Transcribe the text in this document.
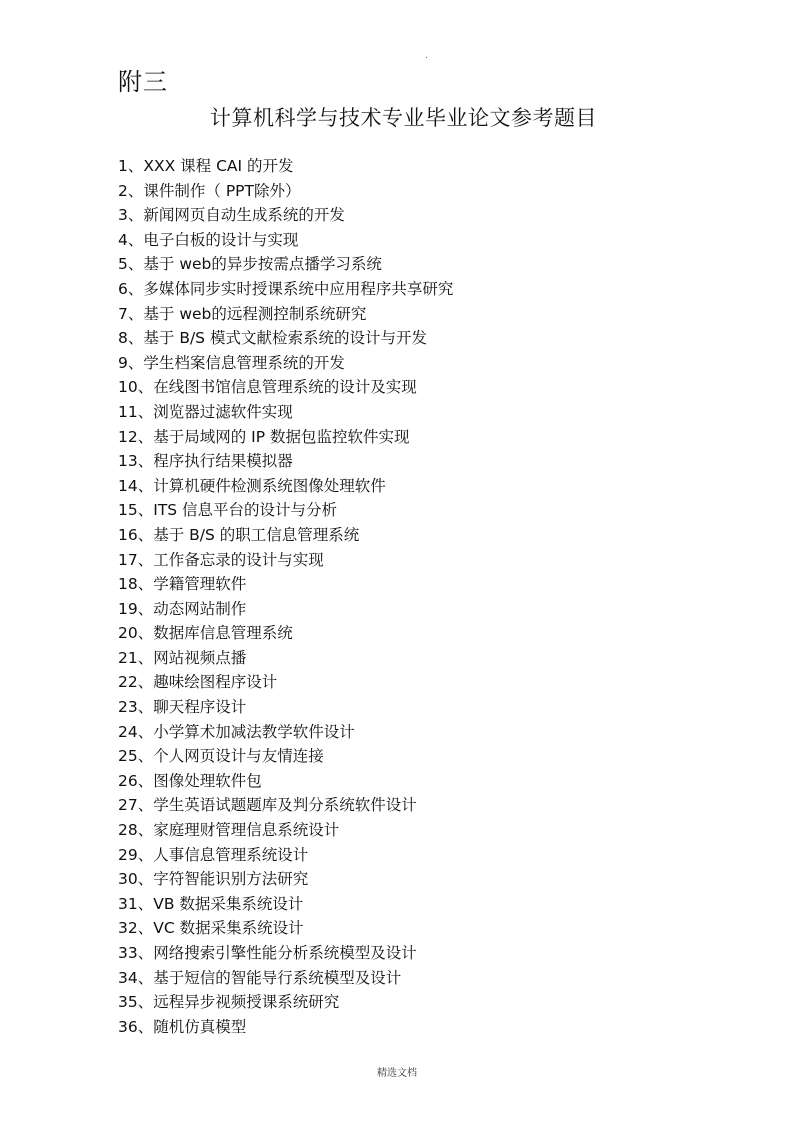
.
附三
计算机科学与技术专业毕业论文参考题目
1 、 XXX 课程 CAI 的开发
2 、 课件制作（ PPT除外）
3 、 新闻网页自动生成系统的开发
4 、 电子白板的设计与实现
5 、 基于 web的异步按需点播学习系统
6 、 多媒体同步实时授课系统中应用程序共享研究
7 、 基于 web的远程测控制系统研究
8 、 基于 B/S 模式文献检索系统的设计与开发
9 、 学生档案信息管理系统的开发
10 、 在线图书馆信息管理系统的设计及实现
11 、 浏览器过滤软件实现
12 、 基于局域网的 IP 数据包监控软件实现
13 、 程序执行结果模拟器
14 、 计算机硬件检测系统图像处理软件
15 、 ITS 信息平台的设计与分析
16 、 基于 B/S 的职工信息管理系统
17 、 工作备忘录的设计与实现
18 、 学籍管理软件
19 、 动态网站制作
20 、 数据库信息管理系统
21 、 网站视频点播
22 、 趣味绘图程序设计
23 、 聊天程序设计
24 、 小学算术加减法教学软件设计
25 、 个人网页设计与友情连接
26 、 图像处理软件包
27 、 学生英语试题题库及判分系统软件设计
28 、 家庭理财管理信息系统设计
29 、 人事信息管理系统设计
30 、 字符智能识别方法研究
31 、 VB 数据采集系统设计
32 、 VC 数据采集系统设计
33 、 网络搜索引擎性能分析系统模型及设计
34 、 基于短信的智能导行系统模型及设计
35 、 远程异步视频授课系统研究
36 、 随机仿真模型
精选文档
